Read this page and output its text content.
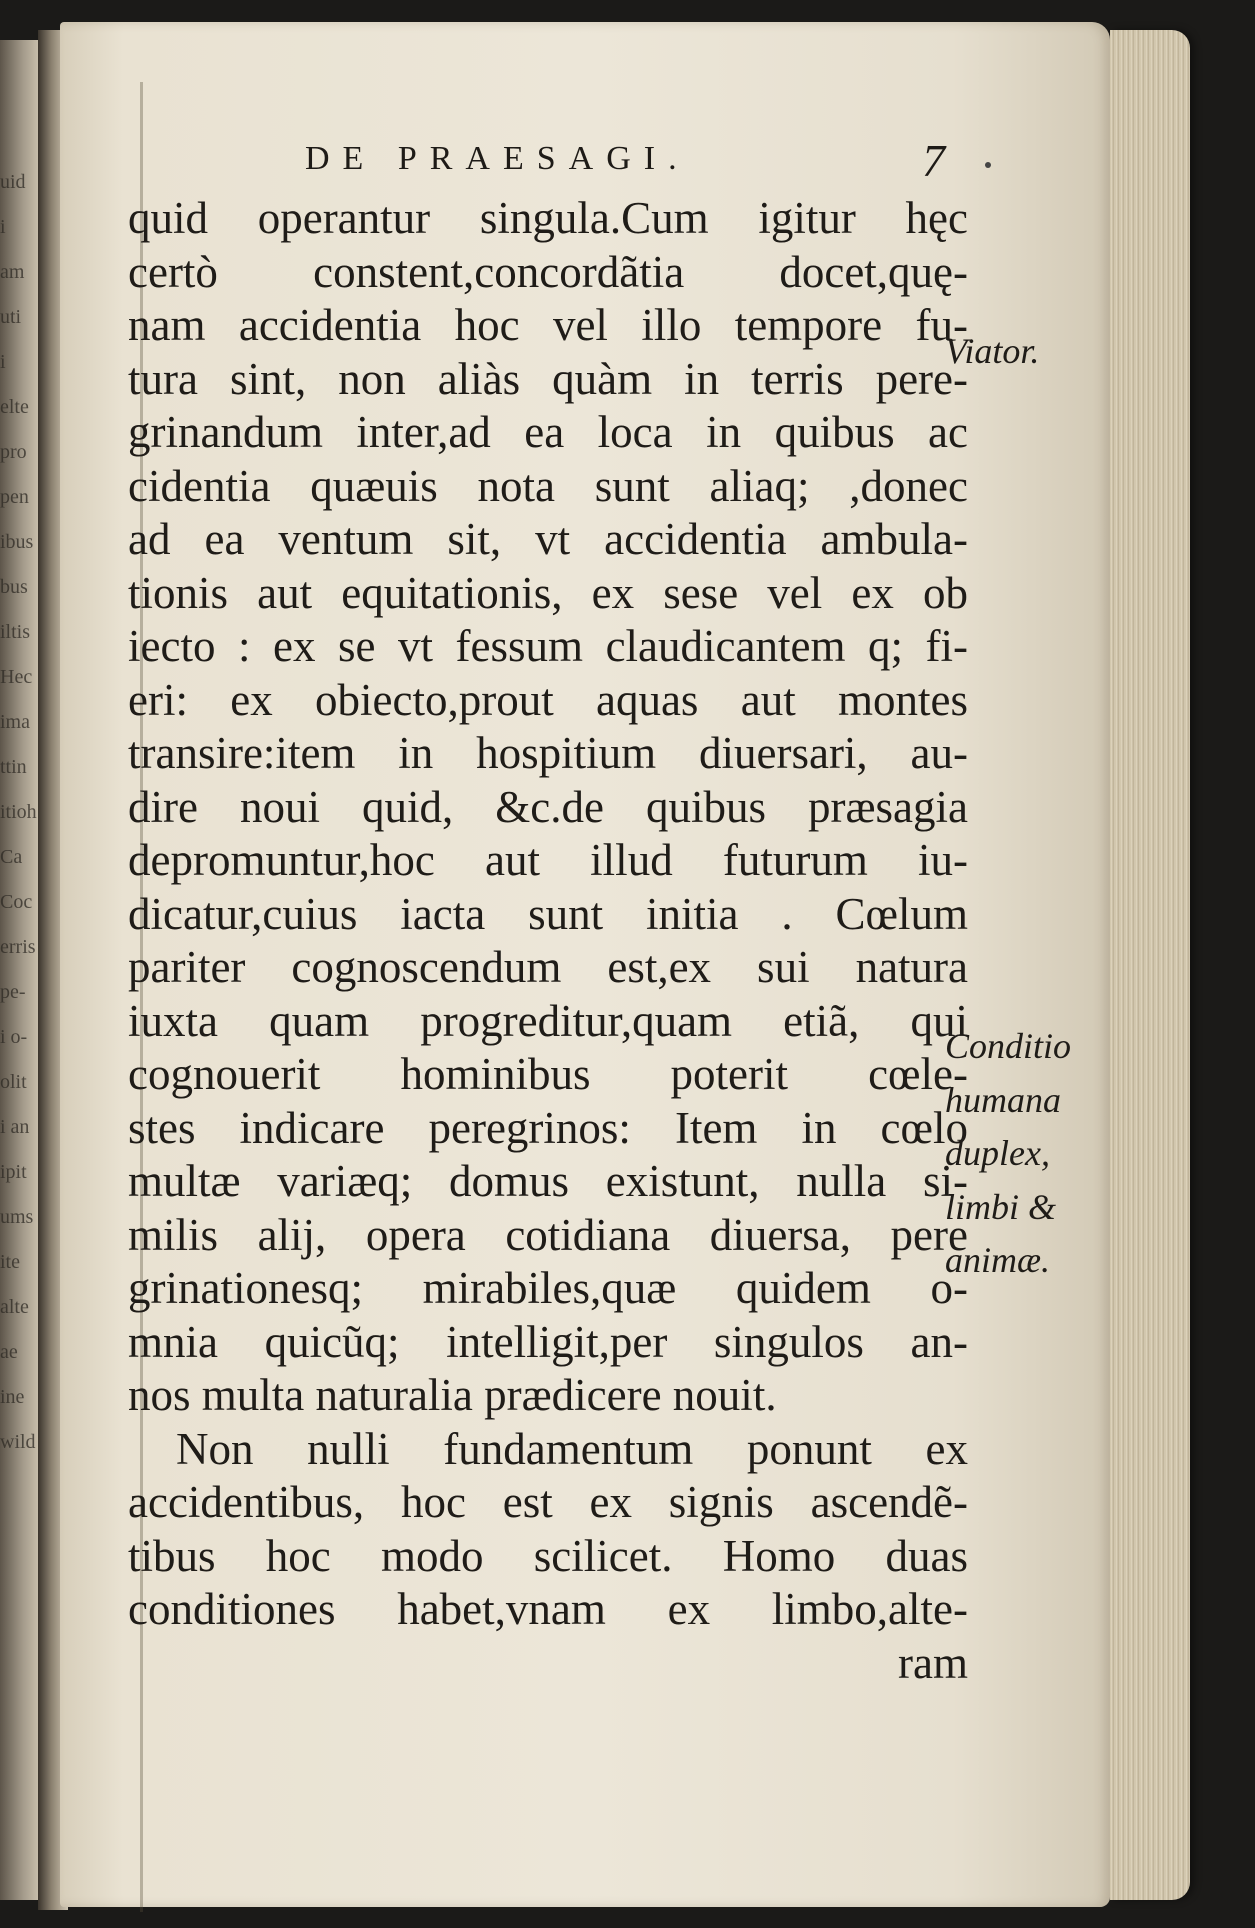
uid
i
am
uti
i
elte
pro
pen
ibus
bus
iltis
Hec
ima
ttin
itioh
Ca
Coc
erris
pe-
i o-
olit
i an
ipit
ums
ite
alte
ae
ine
wild
DE PRAESAGI.	7
quid operantur singula.Cum igitur hęc
certò constent,concordãtia docet,quę-
nam accidentia hoc vel illo tempore fu-
tura sint, non aliàs quàm in terris pere-
grinandum inter,ad ea loca in quibus ac
cidentia quæuis nota sunt aliaq; ,donec
ad ea ventum sit, vt accidentia ambula-
tionis aut equitationis, ex sese vel ex ob
iecto : ex se vt fessum claudicantem q; fi-
eri: ex obiecto,prout aquas aut montes
transire:item in hospitium diuersari, au-
dire noui quid, &c.de quibus præsagia
depromuntur,hoc aut illud futurum iu-
dicatur,cuius iacta sunt initia . Cœlum
pariter cognoscendum est,ex sui natura
iuxta quam progreditur,quam etiã, qui
cognouerit hominibus poterit cœle-
stes indicare peregrinos: Item in cœlo
multæ variæq; domus existunt, nulla si-
milis alij, opera cotidiana diuersa, pere
grinationesq; mirabiles,quæ quidem o-
mnia quicũq; intelligit,per singulos an-
nos multa naturalia prædicere nouit.
Non nulli fundamentum ponunt ex
accidentibus, hoc est ex signis ascendẽ-
tibus hoc modo scilicet. Homo duas
conditiones habet,vnam ex limbo,alte-
ram
Viator.
Conditio
humana
duplex,
limbi &
animæ.
